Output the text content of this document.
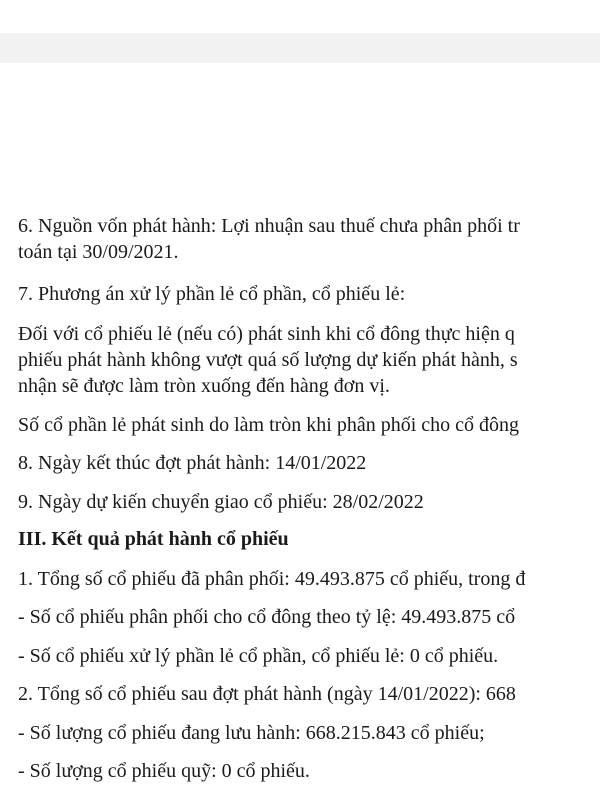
6. Nguồn vốn phát hành: Lợi nhuận sau thuế chưa phân phối tr
toán tại 30/09/2021.
7. Phương án xử lý phần lẻ cổ phần, cổ phiếu lẻ:
Đối với cổ phiếu lẻ (nếu có) phát sinh khi cổ đông thực hiện q
phiếu phát hành không vượt quá số lượng dự kiến phát hành, s
nhận sẽ được làm tròn xuống đến hàng đơn vị.
Số cổ phần lẻ phát sinh do làm tròn khi phân phối cho cổ đông
8. Ngày kết thúc đợt phát hành: 14/01/2022
9. Ngày dự kiến chuyển giao cổ phiếu: 28/02/2022
III. Kết quả phát hành cổ phiếu
1. Tổng số cổ phiếu đã phân phối: 49.493.875 cổ phiếu, trong đ
- Số cổ phiếu phân phối cho cổ đông theo tỷ lệ: 49.493.875 cổ
- Số cổ phiếu xử lý phần lẻ cổ phần, cổ phiếu lẻ: 0 cổ phiếu.
2. Tổng số cổ phiếu sau đợt phát hành (ngày 14/01/2022): 668
- Số lượng cổ phiếu đang lưu hành: 668.215.843 cổ phiếu;
- Số lượng cổ phiếu quỹ: 0 cổ phiếu.
